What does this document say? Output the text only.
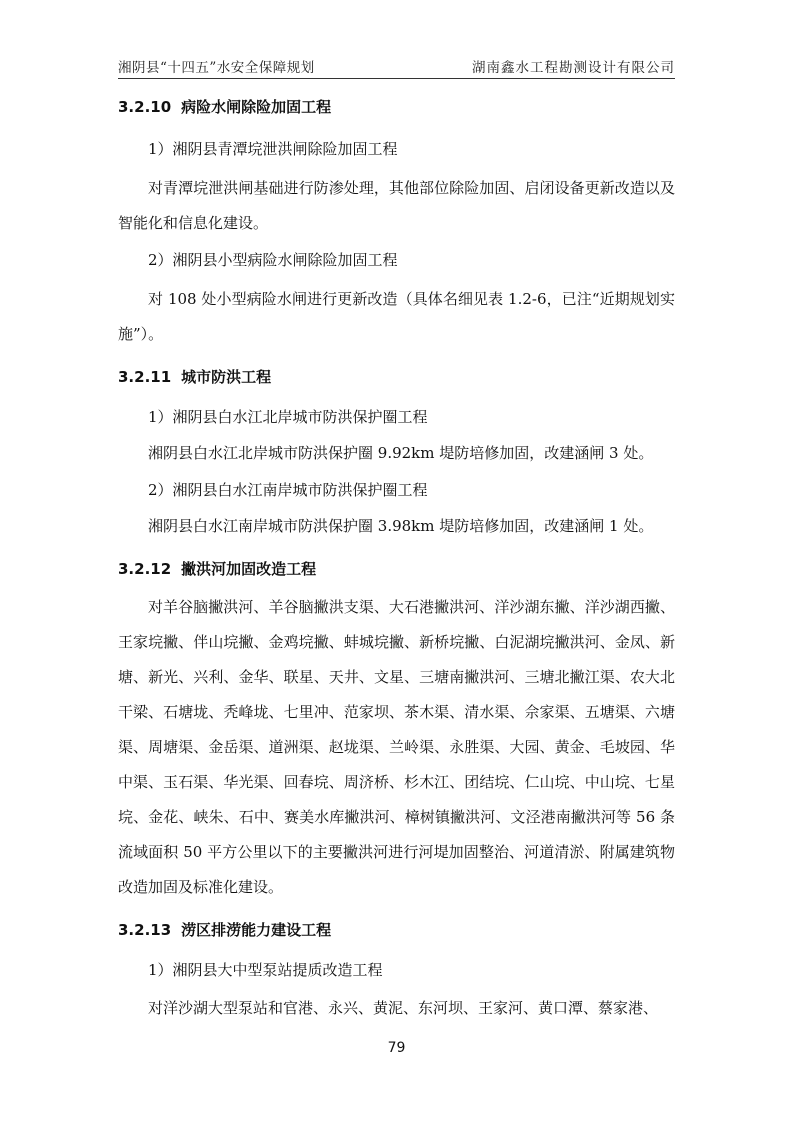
湘阴县“十四五”水安全保障规划	湖南鑫水工程勘测设计有限公司
3.2.10 病险水闸除险加固工程

1）湘阴县青潭垸泄洪闸除险加固工程

对青潭垸泄洪闸基础进行防渗处理，其他部位除险加固、启闭设备更新改造以及智能化和信息化建设。

2）湘阴县小型病险水闸除险加固工程

对 108 处小型病险水闸进行更新改造（具体名细见表 1.2-6，已注“近期规划实施”）。

3.2.11 城市防洪工程

1）湘阴县白水江北岸城市防洪保护圈工程

湘阴县白水江北岸城市防洪保护圈 9.92km 堤防培修加固，改建涵闸 3 处。

2）湘阴县白水江南岸城市防洪保护圈工程

湘阴县白水江南岸城市防洪保护圈 3.98km 堤防培修加固，改建涵闸 1 处。

3.2.12 撇洪河加固改造工程

对羊谷脑撇洪河、羊谷脑撇洪支渠、大石港撇洪河、洋沙湖东撇、洋沙湖西撇、王家垸撇、伴山垸撇、金鸡垸撇、蚌城垸撇、新桥垸撇、白泥湖垸撇洪河、金凤、新塘、新光、兴利、金华、联星、天井、文星、三塘南撇洪河、三塘北撇江渠、农大北干梁、石塘垅、秃峰垅、七里冲、范家坝、茶木渠、清水渠、佘家渠、五塘渠、六塘渠、周塘渠、金岳渠、道洲渠、赵垅渠、兰岭渠、永胜渠、大园、黄金、毛坡园、华中渠、玉石渠、华光渠、回春垸、周济桥、杉木江、团结垸、仁山垸、中山垸、七星垸、金花、峡朱、石中、赛美水库撇洪河、樟树镇撇洪河、文泾港南撇洪河等 56 条流域面积 50 平方公里以下的主要撇洪河进行河堤加固整治、河道清淤、附属建筑物改造加固及标准化建设。

3.2.13 涝区排涝能力建设工程

1）湘阴县大中型泵站提质改造工程

对洋沙湖大型泵站和官港、永兴、黄泥、东河坝、王家河、黄口潭、蔡家港、

79
